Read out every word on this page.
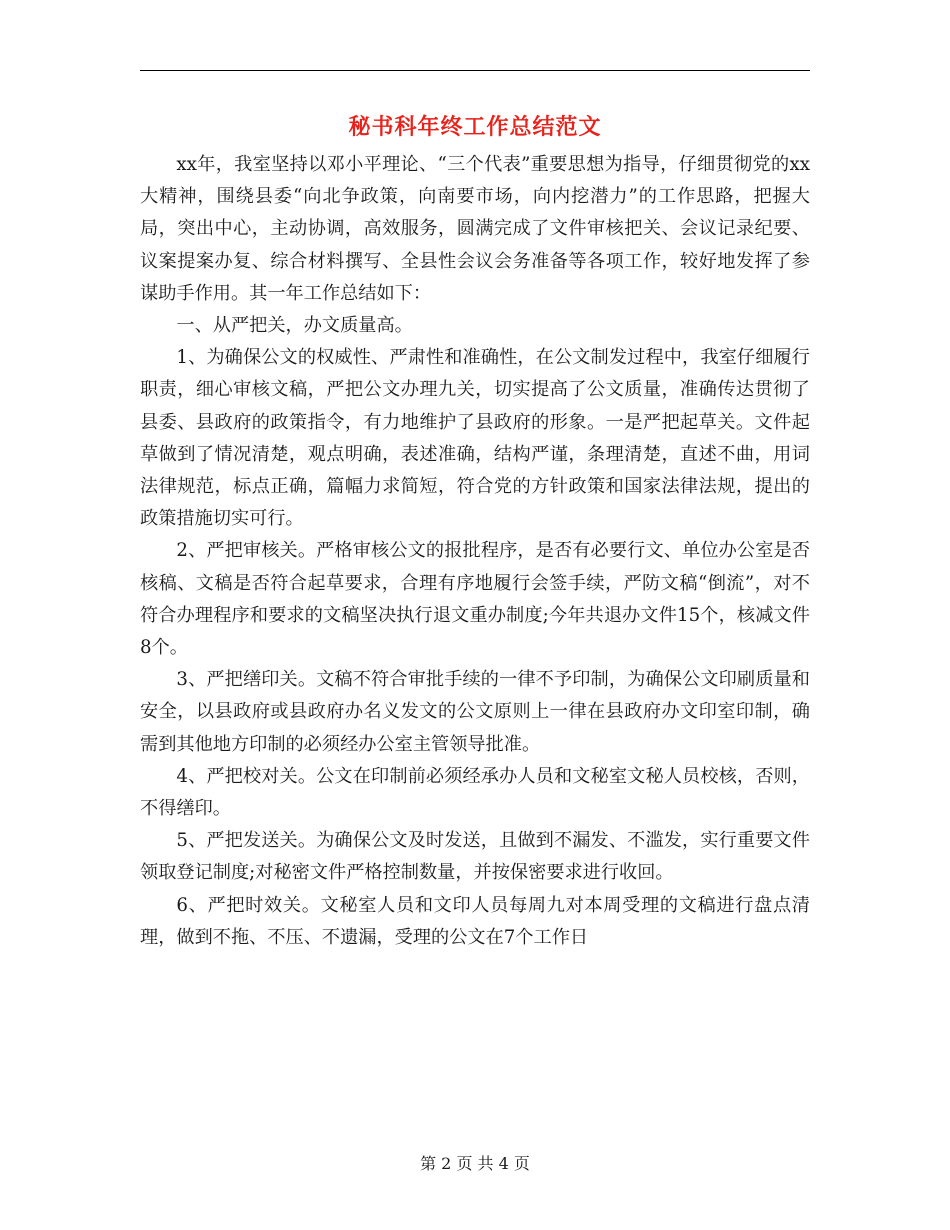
秘书科年终工作总结范文

xx年，我室坚持以邓小平理论、“三个代表”重要思想为指导，仔细贯彻党的xx大精神，围绕县委“向北争政策，向南要市场，向内挖潜力”的工作思路，把握大局，突出中心，主动协调，高效服务，圆满完成了文件审核把关、会议记录纪要、议案提案办复、综合材料撰写、全县性会议会务准备等各项工作，较好地发挥了参谋助手作用。其一年工作总结如下：

一、从严把关，办文质量高。

1、为确保公文的权威性、严肃性和准确性，在公文制发过程中，我室仔细履行职责，细心审核文稿，严把公文办理九关，切实提高了公文质量，准确传达贯彻了县委、县政府的政策指令，有力地维护了县政府的形象。一是严把起草关。文件起草做到了情况清楚，观点明确，表述准确，结构严谨，条理清楚，直述不曲，用词法律规范，标点正确，篇幅力求简短，符合党的方针政策和国家法律法规，提出的政策措施切实可行。

2、严把审核关。严格审核公文的报批程序，是否有必要行文、单位办公室是否核稿、文稿是否符合起草要求，合理有序地履行会签手续，严防文稿“倒流”，对不符合办理程序和要求的文稿坚决执行退文重办制度;今年共退办文件15个，核减文件8个。

3、严把缮印关。文稿不符合审批手续的一律不予印制，为确保公文印刷质量和安全，以县政府或县政府办名义发文的公文原则上一律在县政府办文印室印制，确需到其他地方印制的必须经办公室主管领导批准。

4、严把校对关。公文在印制前必须经承办人员和文秘室文秘人员校核，否则，不得缮印。

5、严把发送关。为确保公文及时发送，且做到不漏发、不滥发，实行重要文件领取登记制度;对秘密文件严格控制数量，并按保密要求进行收回。

6、严把时效关。文秘室人员和文印人员每周九对本周受理的文稿进行盘点清理，做到不拖、不压、不遗漏，受理的公文在7个工作日

第 2 页 共 4 页
